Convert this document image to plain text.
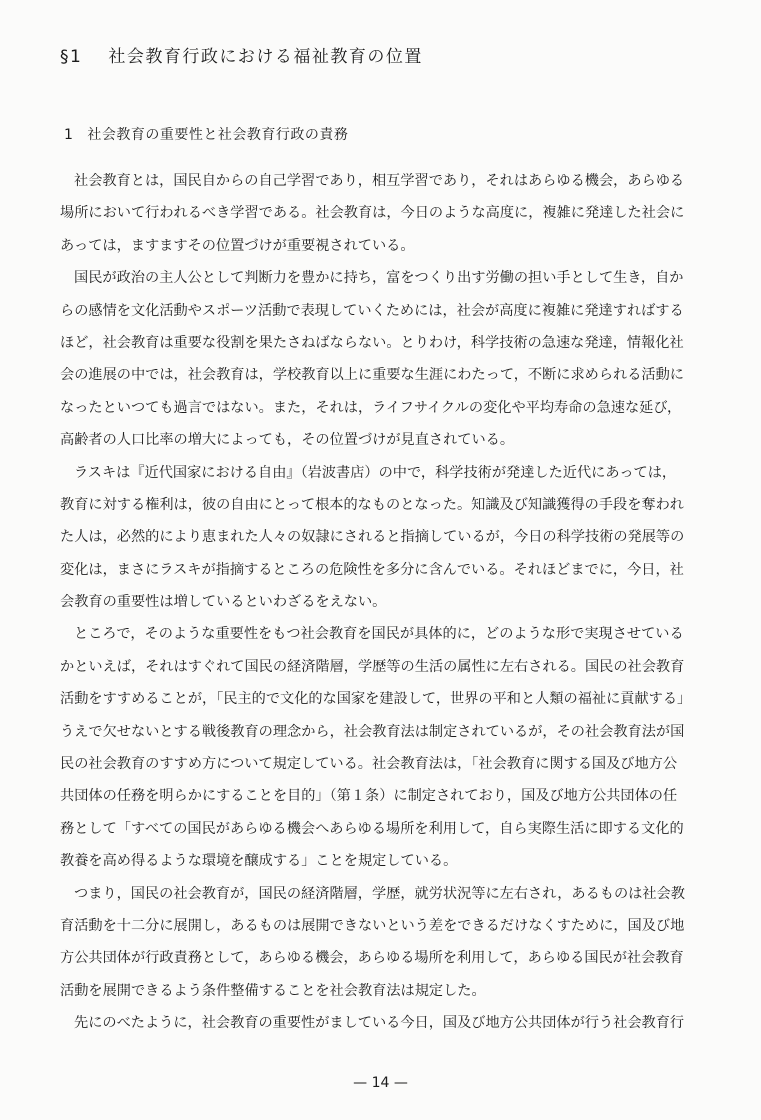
§1 社会教育行政における福祉教育の位置
1 社会教育の重要性と社会教育行政の責務
社会教育とは，国民自からの自己学習であり，相互学習であり，それはあらゆる機会，あらゆる
場所において行われるべき学習である。社会教育は，今日のような高度に，複雑に発達した社会に
あっては，ますますその位置づけが重要視されている。
国民が政治の主人公として判断力を豊かに持ち，富をつくり出す労働の担い手として生き，自か
らの感情を文化活動やスポーツ活動で表現していくためには，社会が高度に複雑に発達すればする
ほど，社会教育は重要な役割を果たさねばならない。とりわけ，科学技術の急速な発達，情報化社
会の進展の中では，社会教育は，学校教育以上に重要な生涯にわたって，不断に求められる活動に
なったといつても過言ではない。また，それは，ライフサイクルの変化や平均寿命の急速な延び，
高齢者の人口比率の増大によっても，その位置づけが見直されている。
ラスキは『近代国家における自由』（岩波書店）の中で，科学技術が発達した近代にあっては，
教育に対する権利は，彼の自由にとって根本的なものとなった。知識及び知識獲得の手段を奪われ
た人は，必然的により恵まれた人々の奴隷にされると指摘しているが，今日の科学技術の発展等の
変化は，まさにラスキが指摘するところの危険性を多分に含んでいる。それほどまでに，今日，社
会教育の重要性は増しているといわざるをえない。
ところで，そのような重要性をもつ社会教育を国民が具体的に，どのような形で実現させている
かといえば，それはすぐれて国民の経済階層，学歴等の生活の属性に左右される。国民の社会教育
活動をすすめることが，「民主的で文化的な国家を建設して，世界の平和と人類の福祉に貢献する」
うえで欠せないとする戦後教育の理念から，社会教育法は制定されているが，その社会教育法が国
民の社会教育のすすめ方について規定している。社会教育法は，「社会教育に関する国及び地方公
共団体の任務を明らかにすることを目的」（第１条）に制定されており，国及び地方公共団体の任
務として「すべての国民があらゆる機会へあらゆる場所を利用して，自ら実際生活に即する文化的
教養を高め得るような環境を醸成する」ことを規定している。
つまり，国民の社会教育が，国民の経済階層，学歴，就労状況等に左右され，あるものは社会教
育活動を十二分に展開し，あるものは展開できないという差をできるだけなくすために，国及び地
方公共団体が行政責務として，あらゆる機会，あらゆる場所を利用して，あらゆる国民が社会教育
活動を展開できるよう条件整備することを社会教育法は規定した。
先にのべたように，社会教育の重要性がましている今日，国及び地方公共団体が行う社会教育行
— 14 —
